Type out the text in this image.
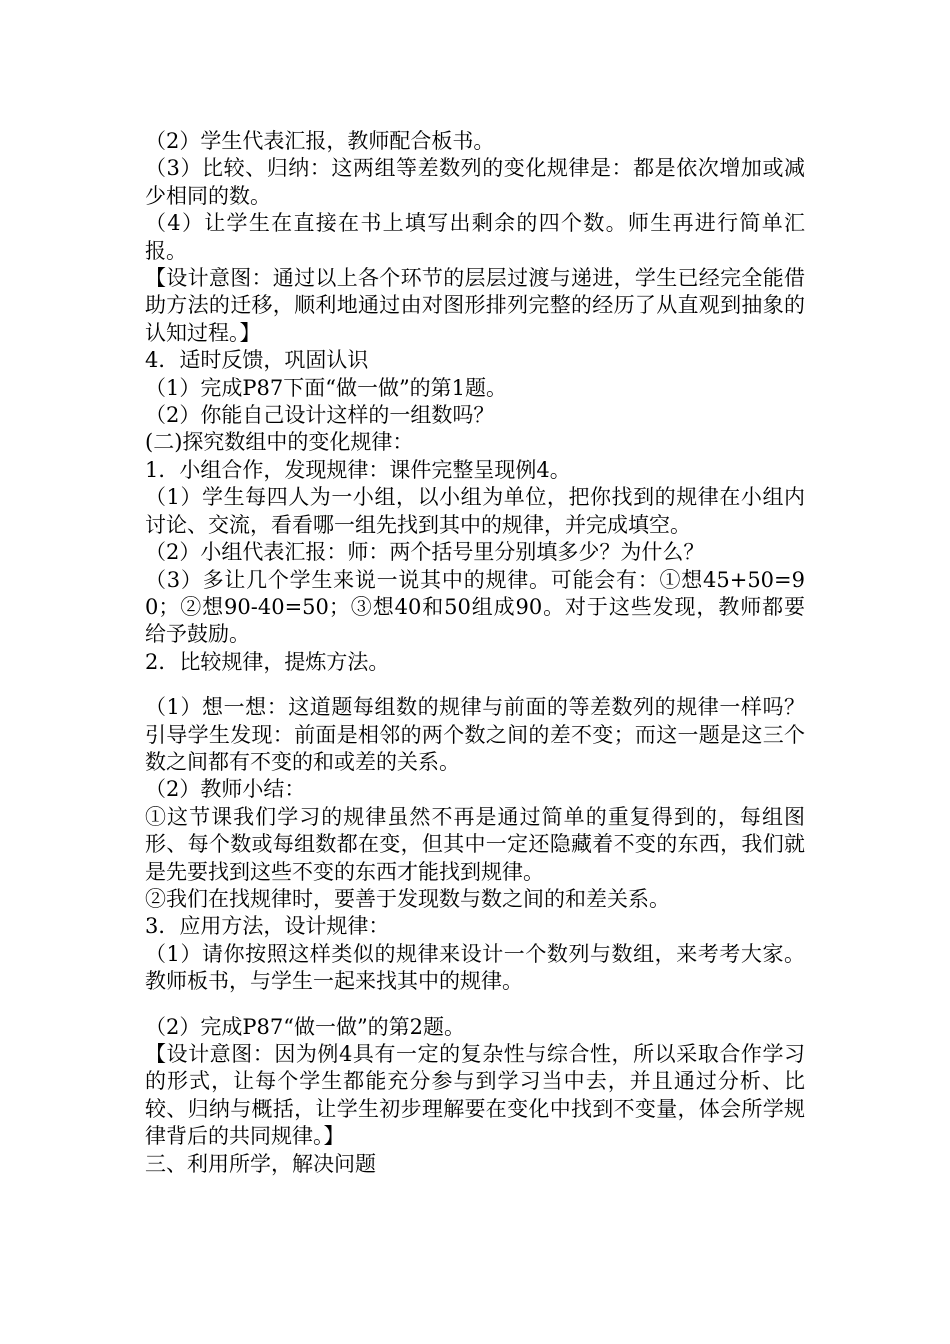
（2）学生代表汇报，教师配合板书。

（3）比较、归纳：这两组等差数列的变化规律是：都是依次增加或减少相同的数。

（4）让学生在直接在书上填写出剩余的四个数。师生再进行简单汇报。

【设计意图：通过以上各个环节的层层过渡与递进，学生已经完全能借助方法的迁移，顺利地通过由对图形排列完整的经历了从直观到抽象的认知过程。】

4．适时反馈，巩固认识

（1）完成P87下面“做一做”的第1题。

（2）你能自己设计这样的一组数吗？

(二)探究数组中的变化规律：

1．小组合作，发现规律：课件完整呈现例4。

（1）学生每四人为一小组，以小组为单位，把你找到的规律在小组内讨论、交流，看看哪一组先找到其中的规律，并完成填空。

（2）小组代表汇报：师：两个括号里分别填多少？为什么？

（3）多让几个学生来说一说其中的规律。可能会有：①想45+50=90；②想90-40=50；③想40和50组成90。对于这些发现，教师都要给予鼓励。

2．比较规律，提炼方法。

（1）想一想：这道题每组数的规律与前面的等差数列的规律一样吗？引导学生发现：前面是相邻的两个数之间的差不变；而这一题是这三个数之间都有不变的和或差的关系。

（2）教师小结：

①这节课我们学习的规律虽然不再是通过简单的重复得到的，每组图形、每个数或每组数都在变，但其中一定还隐藏着不变的东西，我们就是先要找到这些不变的东西才能找到规律。

②我们在找规律时，要善于发现数与数之间的和差关系。

3．应用方法，设计规律：

（1）请你按照这样类似的规律来设计一个数列与数组，来考考大家。教师板书，与学生一起来找其中的规律。

（2）完成P87“做一做”的第2题。

【设计意图：因为例4具有一定的复杂性与综合性，所以采取合作学习的形式，让每个学生都能充分参与到学习当中去，并且通过分析、比较、归纳与概括，让学生初步理解要在变化中找到不变量，体会所学规律背后的共同规律。】

三、利用所学，解决问题
